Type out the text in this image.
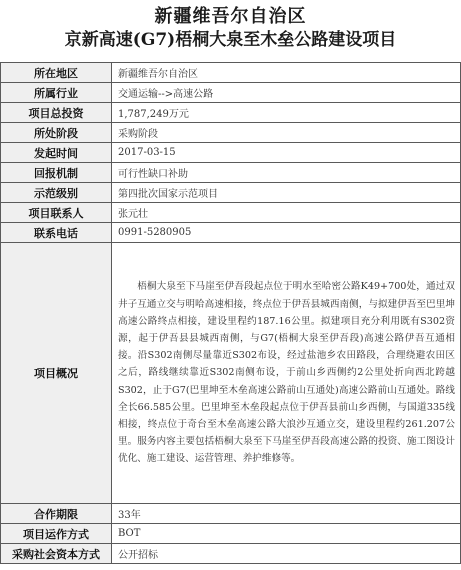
新疆维吾尔自治区
京新高速(G7)梧桐大泉至木垒公路建设项目
所在地区	新疆维吾尔自治区
所属行业	交通运输-->高速公路
项目总投资	1,787,249万元
所处阶段	采购阶段
发起时间	2017-03-15
回报机制	可行性缺口补助
示范级别	第四批次国家示范项目
项目联系人	张元壮
联系电话	0991-5280905
项目概况	梧桐大泉至下马崖至伊吾段起点位于明水至哈密公路K49+700处，通过双井子互通立交与明哈高速相接，终点位于伊吾县城西南侧，与拟建伊吾至巴里坤高速公路终点相接，建设里程约187.16公里。拟建项目充分利用既有S302资源，起于伊吾县县城西南侧，与G7(梧桐大泉至伊吾段)高速公路伊吾互通相接。沿S302南侧尽量靠近S302布设，经过盐池乡农田路段，合理绕避农田区之后，路线继续靠近S302南侧布设，于前山乡西侧约2公里处折向西北跨越S302，止于G7(巴里坤至木垒高速公路前山互通处)高速公路前山互通处。路线全长66.585公里。巴里坤至木垒段起点位于伊吾县前山乡西侧，与国道335线相接，终点位于奇台至木垒高速公路大浪沙互通立交，建设里程约261.207公里。服务内容主要包括梧桐大泉至下马崖至伊吾段高速公路的投资、施工图设计优化、施工建设、运营管理、养护维修等。
合作期限	33年
项目运作方式	BOT
采购社会资本方式	公开招标
